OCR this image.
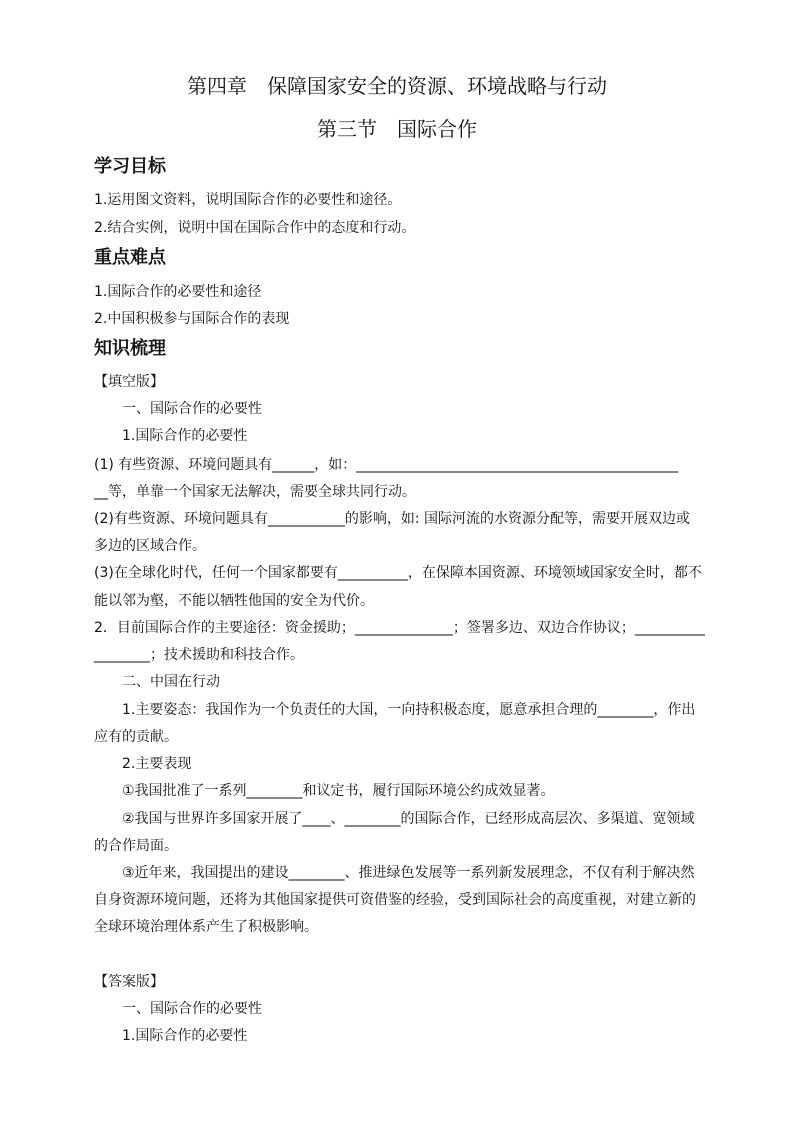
第四章　保障国家安全的资源、环境战略与行动
第三节　国际合作
学习目标
1.运用图文资料，说明国际合作的必要性和途径。
2.结合实例，说明中国在国际合作中的态度和行动。
重点难点
1.国际合作的必要性和途径
2.中国积极参与国际合作的表现
知识梳理
【填空版】
一、国际合作的必要性
1.国际合作的必要性
(1) 有些资源、环境问题具有______，如：______________________________________________
__等，单靠一个国家无法解决，需要全球共同行动。
(2)有些资源、环境问题具有___________的影响，如: 国际河流的水资源分配等，需要开展双边或
多边的区域合作。
(3)在全球化时代，任何一个国家都要有__________，在保障本国资源、环境领域国家安全时，都不
能以邻为壑，不能以牺牲他国的安全为代价。
2．目前国际合作的主要途径：资金援助；______________；签署多边、双边合作协议；__________
________；技术援助和科技合作。
二、中国在行动
1.主要姿态：我国作为一个负责任的大国，一向持积极态度，愿意承担合理的________，作出
应有的贡献。
2.主要表现
①我国批准了一系列________和议定书，履行国际环境公约成效显著。
②我国与世界许多国家开展了____、________的国际合作，已经形成高层次、多渠道、宽领域
的合作局面。
③近年来，我国提出的建设________、推进绿色发展等一系列新发展理念，不仅有利于解决然
自身资源环境问题，还将为其他国家提供可资借鉴的经验，受到国际社会的高度重视，对建立新的
全球环境治理体系产生了积极影响。
【答案版】
一、国际合作的必要性
1.国际合作的必要性
